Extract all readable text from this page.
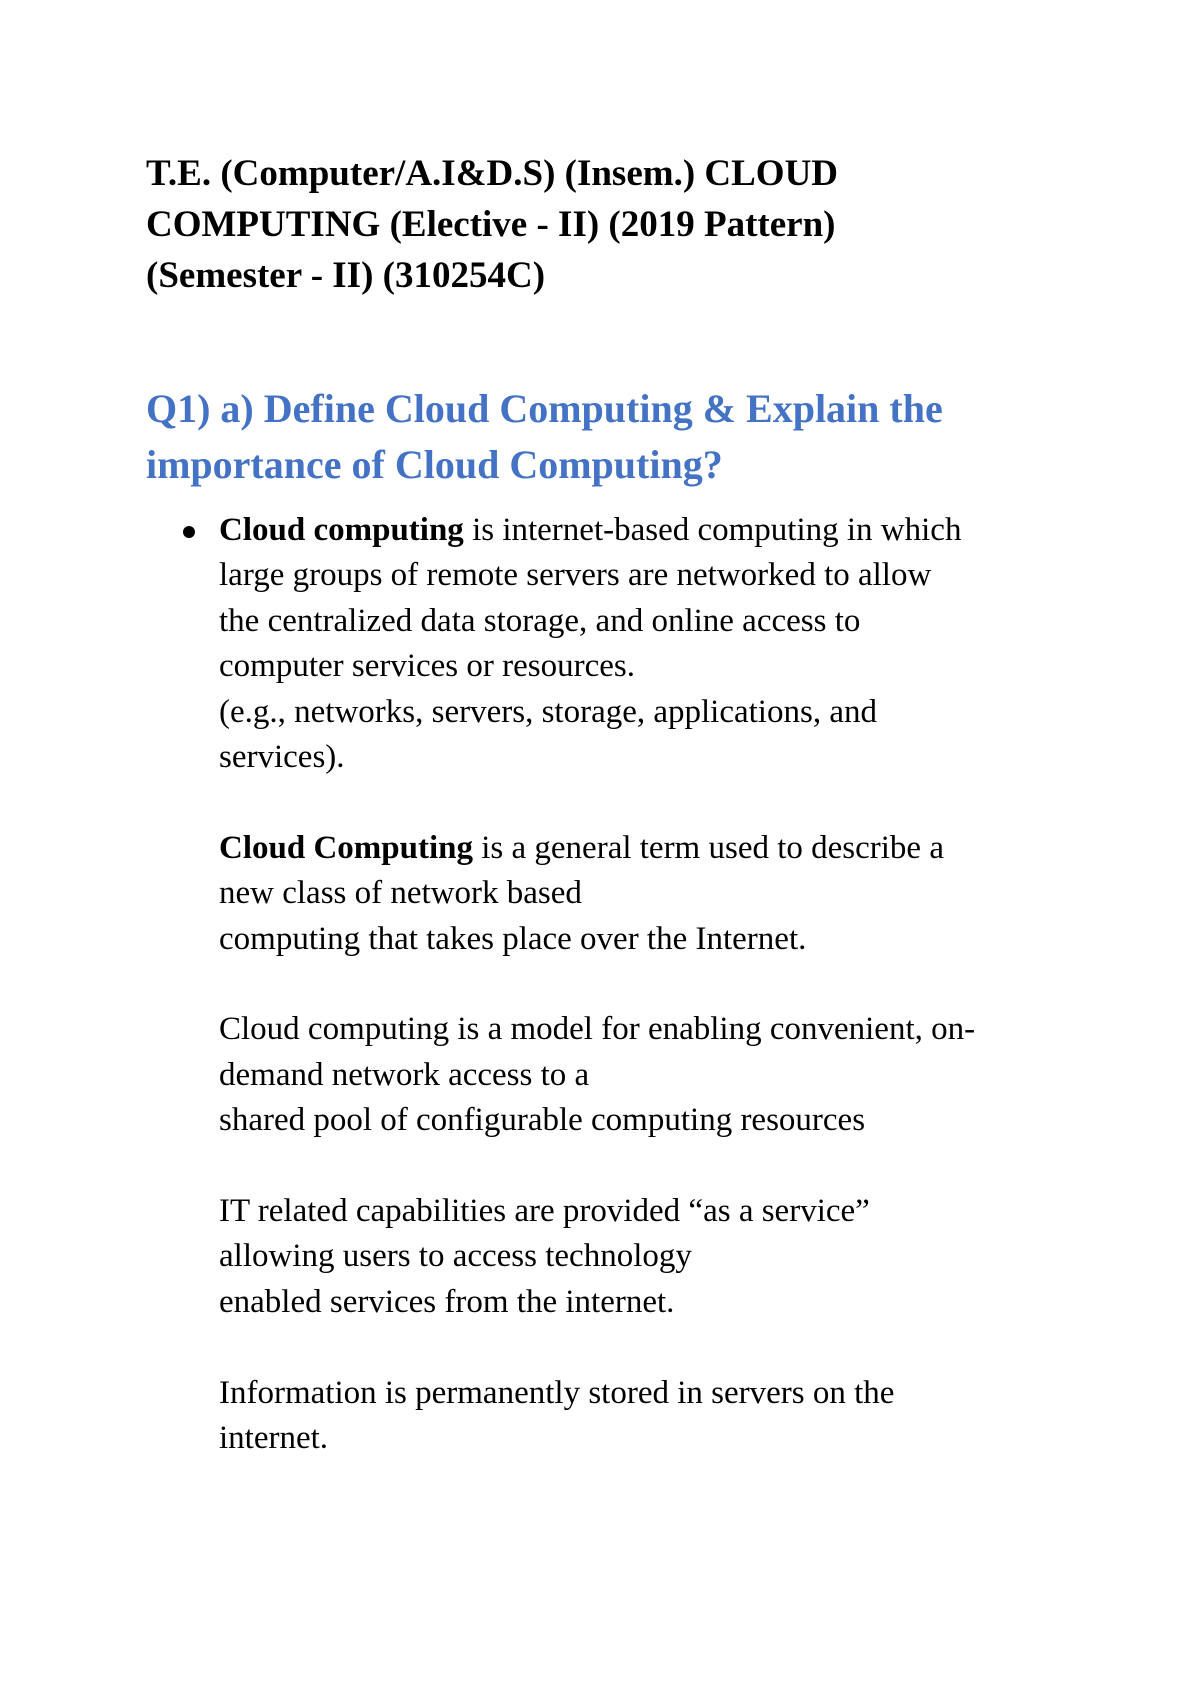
T.E. (Computer/A.I&D.S) (Insem.) CLOUD
COMPUTING (Elective - II) (2019 Pattern)
(Semester - II) (310254C)
Q1) a) Define Cloud Computing & Explain the
importance of Cloud Computing?
Cloud computing is internet-based computing in which
large groups of remote servers are networked to allow
the centralized data storage, and online access to
computer services or resources.
(e.g., networks, servers, storage, applications, and
services).
Cloud Computing is a general term used to describe a
new class of network based
computing that takes place over the Internet.
Cloud computing is a model for enabling convenient, on-
demand network access to a
shared pool of configurable computing resources
IT related capabilities are provided “as a service”
allowing users to access technology
enabled services from the internet.
Information is permanently stored in servers on the
internet.
